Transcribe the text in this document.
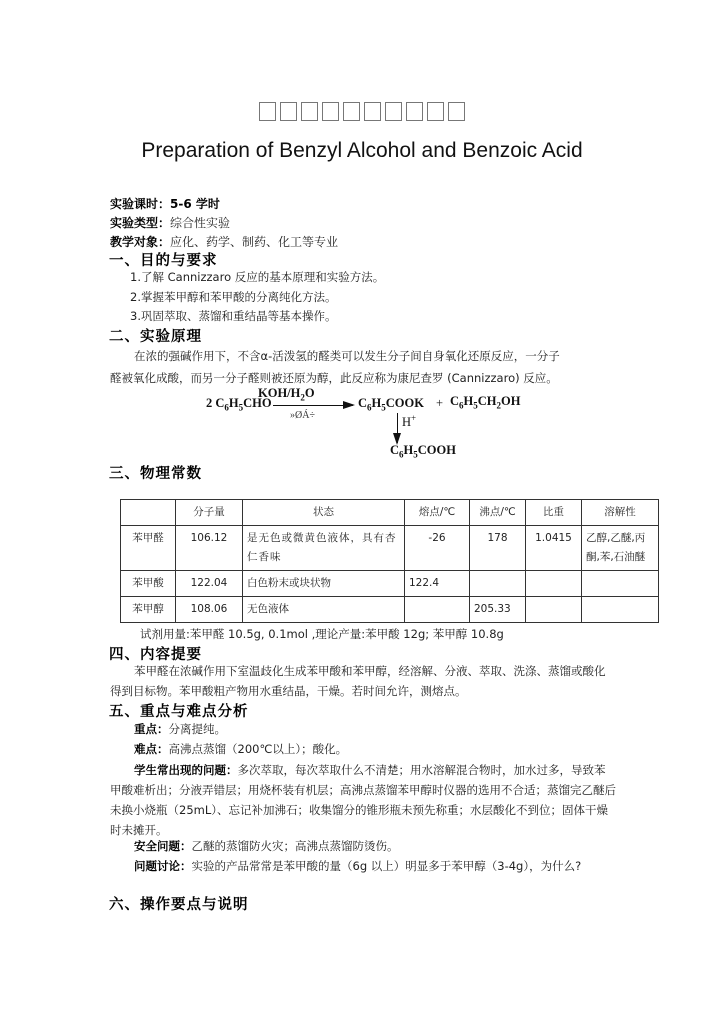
Preparation of Benzyl Alcohol and Benzoic Acid
实验课时：5-6 学时
实验类型：综合性实验
教学对象：应化、药学、制药、化工等专业
一、目的与要求
1.了解 Cannizzaro 反应的基本原理和实验方法。
2.掌握苯甲醇和苯甲酸的分离纯化方法。
3.巩固萃取、蒸馏和重结晶等基本操作。
二、实验原理
在浓的强碱作用下，不含α-活泼氢的醛类可以发生分子间自身氧化还原反应，一分子
醛被氧化成酸，而另一分子醛则被还原为醇，此反应称为康尼查罗 (Cannizzaro) 反应。
2 $C_6H_5CHO$
KOH/$H_2O$
»ØÁ÷
$C_6H_5COOK + C_6H_5CH_2OH$
H+
$C_6H_5COOH$
三、物理常数
	分子量	状态	熔点/℃	沸点/℃	比重	溶解性
苯甲醛	106.12	是无色或微黄色液体，具有杏仁香味	-26	178	1.0415	乙醇,乙醚,丙酮,苯,石油醚
苯甲酸	122.04	白色粉末或块状物	122.4			
苯甲醇	108.06	无色液体		205.33		
试剂用量:苯甲醛 10.5g, 0.1mol ,理论产量:苯甲酸 12g; 苯甲醇 10.8g
四、内容提要
苯甲醛在浓碱作用下室温歧化生成苯甲酸和苯甲醇，经溶解、分液、萃取、洗涤、蒸馏或酸化得到目标物。苯甲酸粗产物用水重结晶，干燥。若时间允许，测熔点。
五、重点与难点分析
重点：分离提纯。
难点：高沸点蒸馏（200℃以上）；酸化。
学生常出现的问题：多次萃取，每次萃取什么不清楚；用水溶解混合物时，加水过多，导致苯甲酸难析出；分液弄错层；用烧杯装有机层；高沸点蒸馏苯甲醇时仪器的选用不合适；蒸馏完乙醚后未换小烧瓶（25mL）、忘记补加沸石；收集馏分的锥形瓶未预先称重；水层酸化不到位；固体干燥时未摊开。
安全问题：乙醚的蒸馏防火灾；高沸点蒸馏防烫伤。
问题讨论：实验的产品常常是苯甲酸的量（6g 以上）明显多于苯甲醇（3-4g），为什么?
六、操作要点与说明
